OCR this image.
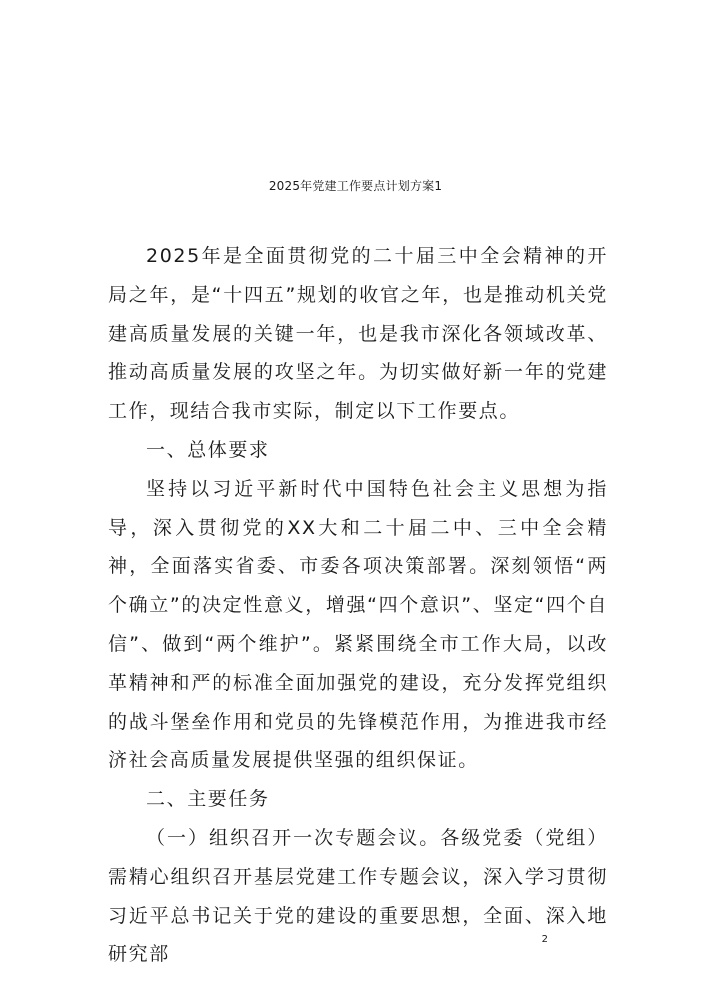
2025年党建工作要点计划方案1

2025年是全面贯彻党的二十届三中全会精神的开局之年，是“十四五”规划的收官之年，也是推动机关党建高质量发展的关键一年，也是我市深化各领域改革、推动高质量发展的攻坚之年。为切实做好新一年的党建工作，现结合我市实际，制定以下工作要点。

一、总体要求

坚持以习近平新时代中国特色社会主义思想为指导，深入贯彻党的XX大和二十届二中、三中全会精神，全面落实省委、市委各项决策部署。深刻领悟“两个确立”的决定性意义，增强“四个意识”、坚定“四个自信”、做到“两个维护”。紧紧围绕全市工作大局，以改革精神和严的标准全面加强党的建设，充分发挥党组织的战斗堡垒作用和党员的先锋模范作用，为推进我市经济社会高质量发展提供坚强的组织保证。

二、主要任务

（一）组织召开一次专题会议。各级党委（党组）需精心组织召开基层党建工作专题会议，深入学习贯彻习近平总书记关于党的建设的重要思想，全面、深入地研究部

2
